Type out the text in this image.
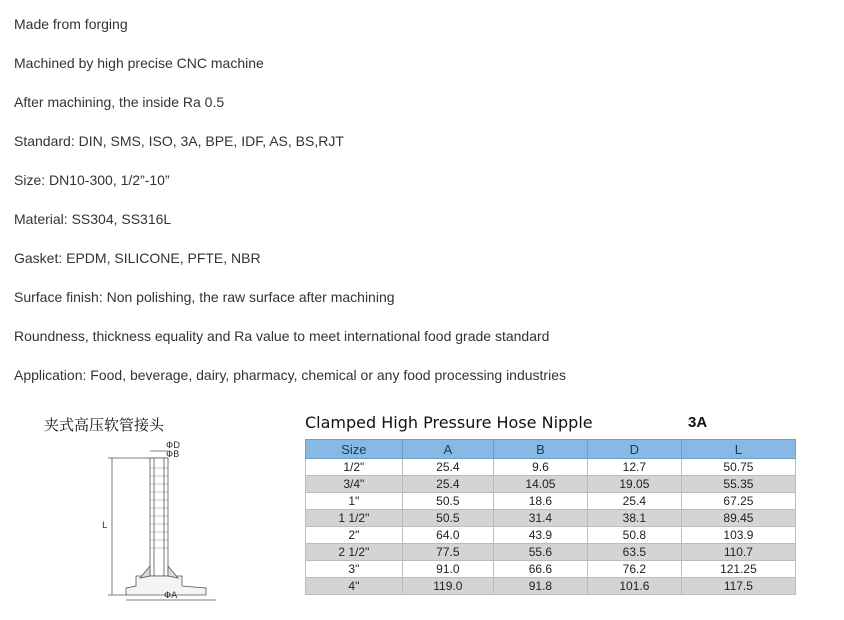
Made from forging
Machined by high precise CNC machine
After machining, the inside Ra 0.5
Standard: DIN, SMS, ISO, 3A, BPE, IDF, AS, BS,RJT
Size: DN10-300, 1/2”-10”
Material: SS304, SS316L
Gasket: EPDM, SILICONE, PFTE, NBR
Surface finish: Non polishing, the raw surface after machining
Roundness, thickness equality and Ra value to meet international food grade standard
Application: Food, beverage, dairy, pharmacy, chemical or any food processing industries
夹式高压软管接头
ΦD
ΦB
L
ΦA
Clamped High Pressure Hose Nipple	3A
Size	A	B	D	L
1/2"	25.4	9.6	12.7	50.75
3/4"	25.4	14.05	19.05	55.35
1"	50.5	18.6	25.4	67.25
1 1/2"	50.5	31.4	38.1	89.45
2"	64.0	43.9	50.8	103.9
2 1/2"	77.5	55.6	63.5	110.7
3"	91.0	66.6	76.2	121.25
4"	119.0	91.8	101.6	117.5
